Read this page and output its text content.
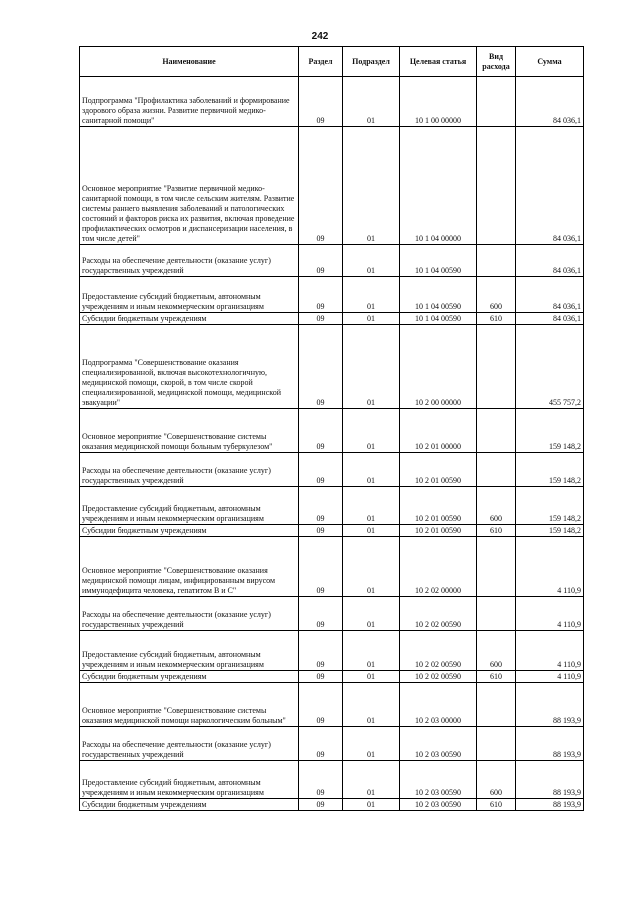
242
Наименование	Раздел	Подраздел	Целевая статья	Вид расхода	Сумма
Подпрограмма "Профилактика заболеваний и формирование здорового образа жизни. Развитие первичной медико-санитарной помощи"	09	01	10 1 00 00000		84 036,1
Основное мероприятие "Развитие первичной медико-санитарной помощи, в том числе сельским жителям. Развитие системы раннего выявления заболеваний и патологических состояний и факторов риска их развития, включая проведение профилактических осмотров и диспансеризации населения, в том числе детей"	09	01	10 1 04 00000		84 036,1
Расходы на обеспечение деятельности (оказание услуг) государственных учреждений	09	01	10 1 04 00590		84 036,1
Предоставление субсидий бюджетным, автономным учреждениям и иным некоммерческим организациям	09	01	10 1 04 00590	600	84 036,1
Субсидии бюджетным учреждениям	09	01	10 1 04 00590	610	84 036,1
Подпрограмма "Совершенствование оказания специализированной, включая высокотехнологичную, медицинской помощи, скорой, в том числе скорой специализированной, медицинской помощи, медицинской эвакуации"	09	01	10 2 00 00000		455 757,2
Основное мероприятие "Совершенствование системы оказания медицинской помощи больным туберкулезом"	09	01	10 2 01 00000		159 148,2
Расходы на обеспечение деятельности (оказание услуг) государственных учреждений	09	01	10 2 01 00590		159 148,2
Предоставление субсидий бюджетным, автономным учреждениям и иным некоммерческим организациям	09	01	10 2 01 00590	600	159 148,2
Субсидии бюджетным учреждениям	09	01	10 2 01 00590	610	159 148,2
Основное мероприятие "Совершенствование оказания медицинской помощи лицам, инфицированным вирусом иммунодефицита человека, гепатитом В и С"	09	01	10 2 02 00000		4 110,9
Расходы на обеспечение деятельности (оказание услуг) государственных учреждений	09	01	10 2 02 00590		4 110,9
Предоставление субсидий бюджетным, автономным учреждениям и иным некоммерческим организациям	09	01	10 2 02 00590	600	4 110,9
Субсидии бюджетным учреждениям	09	01	10 2 02 00590	610	4 110,9
Основное мероприятие "Совершенствование системы оказания медицинской помощи наркологическим больным"	09	01	10 2 03 00000		88 193,9
Расходы на обеспечение деятельности (оказание услуг) государственных учреждений	09	01	10 2 03 00590		88 193,9
Предоставление субсидий бюджетным, автономным учреждениям и иным некоммерческим организациям	09	01	10 2 03 00590	600	88 193,9
Субсидии бюджетным учреждениям	09	01	10 2 03 00590	610	88 193,9
